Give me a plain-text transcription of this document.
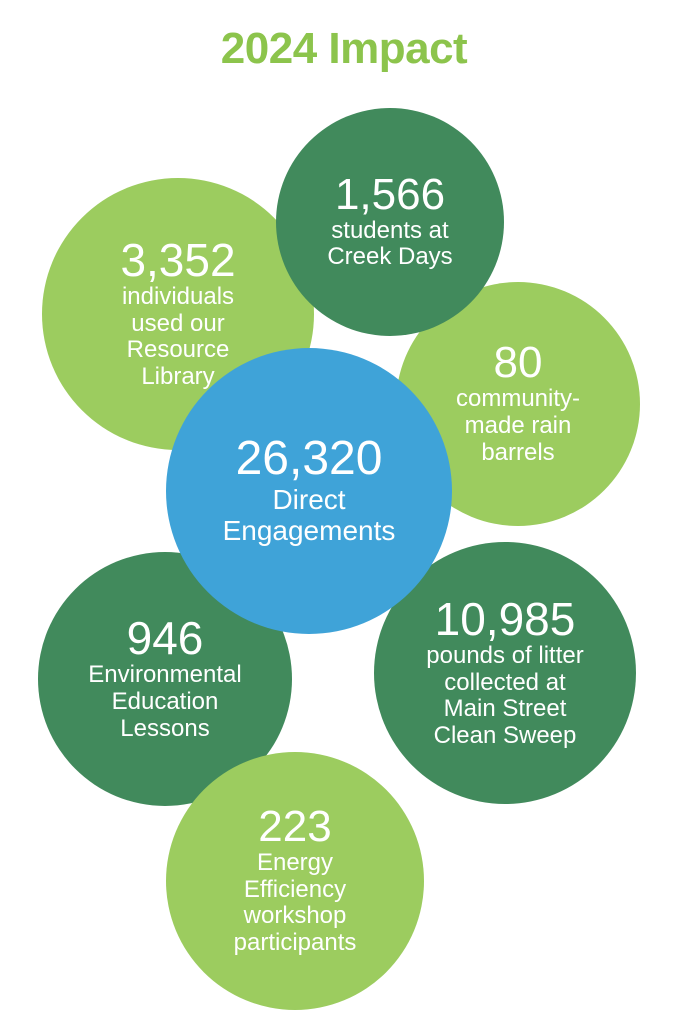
2024 Impact
1,566
students at
Creek Days
3,352
individuals
used our
Resource
Library	80
community-
made rain
barrels
26,320
Direct
Engagements
946
Environmental
Education
Lessons
10,985
pounds of litter
collected at
Main Street
Clean Sweep
223
Energy
Efficiency
workshop
participants
